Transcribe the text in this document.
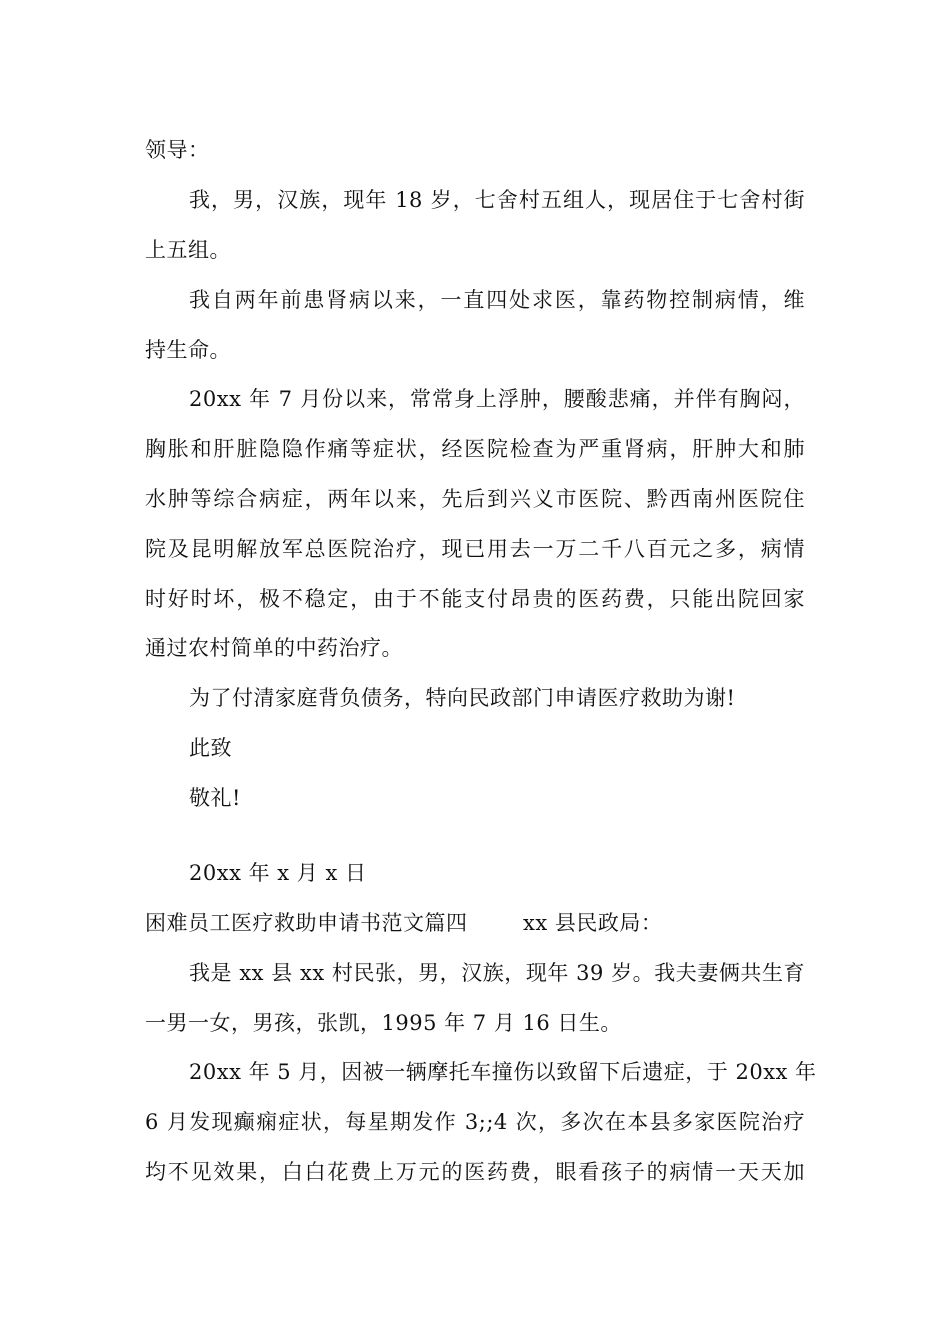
领导：
我，男，汉族，现年 18 岁，七舍村五组人，现居住于七舍村街
上五组。
我自两年前患肾病以来，一直四处求医，靠药物控制病情，维
持生命。
20xx 年 7 月份以来，常常身上浮肿，腰酸悲痛，并伴有胸闷，
胸胀和肝脏隐隐作痛等症状，经医院检查为严重肾病，肝肿大和肺
水肿等综合病症，两年以来，先后到兴义市医院、黔西南州医院住
院及昆明解放军总医院治疗，现已用去一万二千八百元之多，病情
时好时坏，极不稳定，由于不能支付昂贵的医药费，只能出院回家
通过农村简单的中药治疗。
为了付清家庭背负债务，特向民政部门申请医疗救助为谢!
此致
敬礼!
20xx 年 x 月 x 日
困难员工医疗救助申请书范文篇四	xx 县民政局：
我是 xx 县 xx 村民张，男，汉族，现年 39 岁。我夫妻俩共生育
一男一女，男孩，张凯，1995 年 7 月 16 日生。
20xx 年 5 月，因被一辆摩托车撞伤以致留下后遗症，于 20xx 年
6 月发现癫痫症状，每星期发作 3;;4 次，多次在本县多家医院治疗
均不见效果，白白花费上万元的医药费，眼看孩子的病情一天天加
